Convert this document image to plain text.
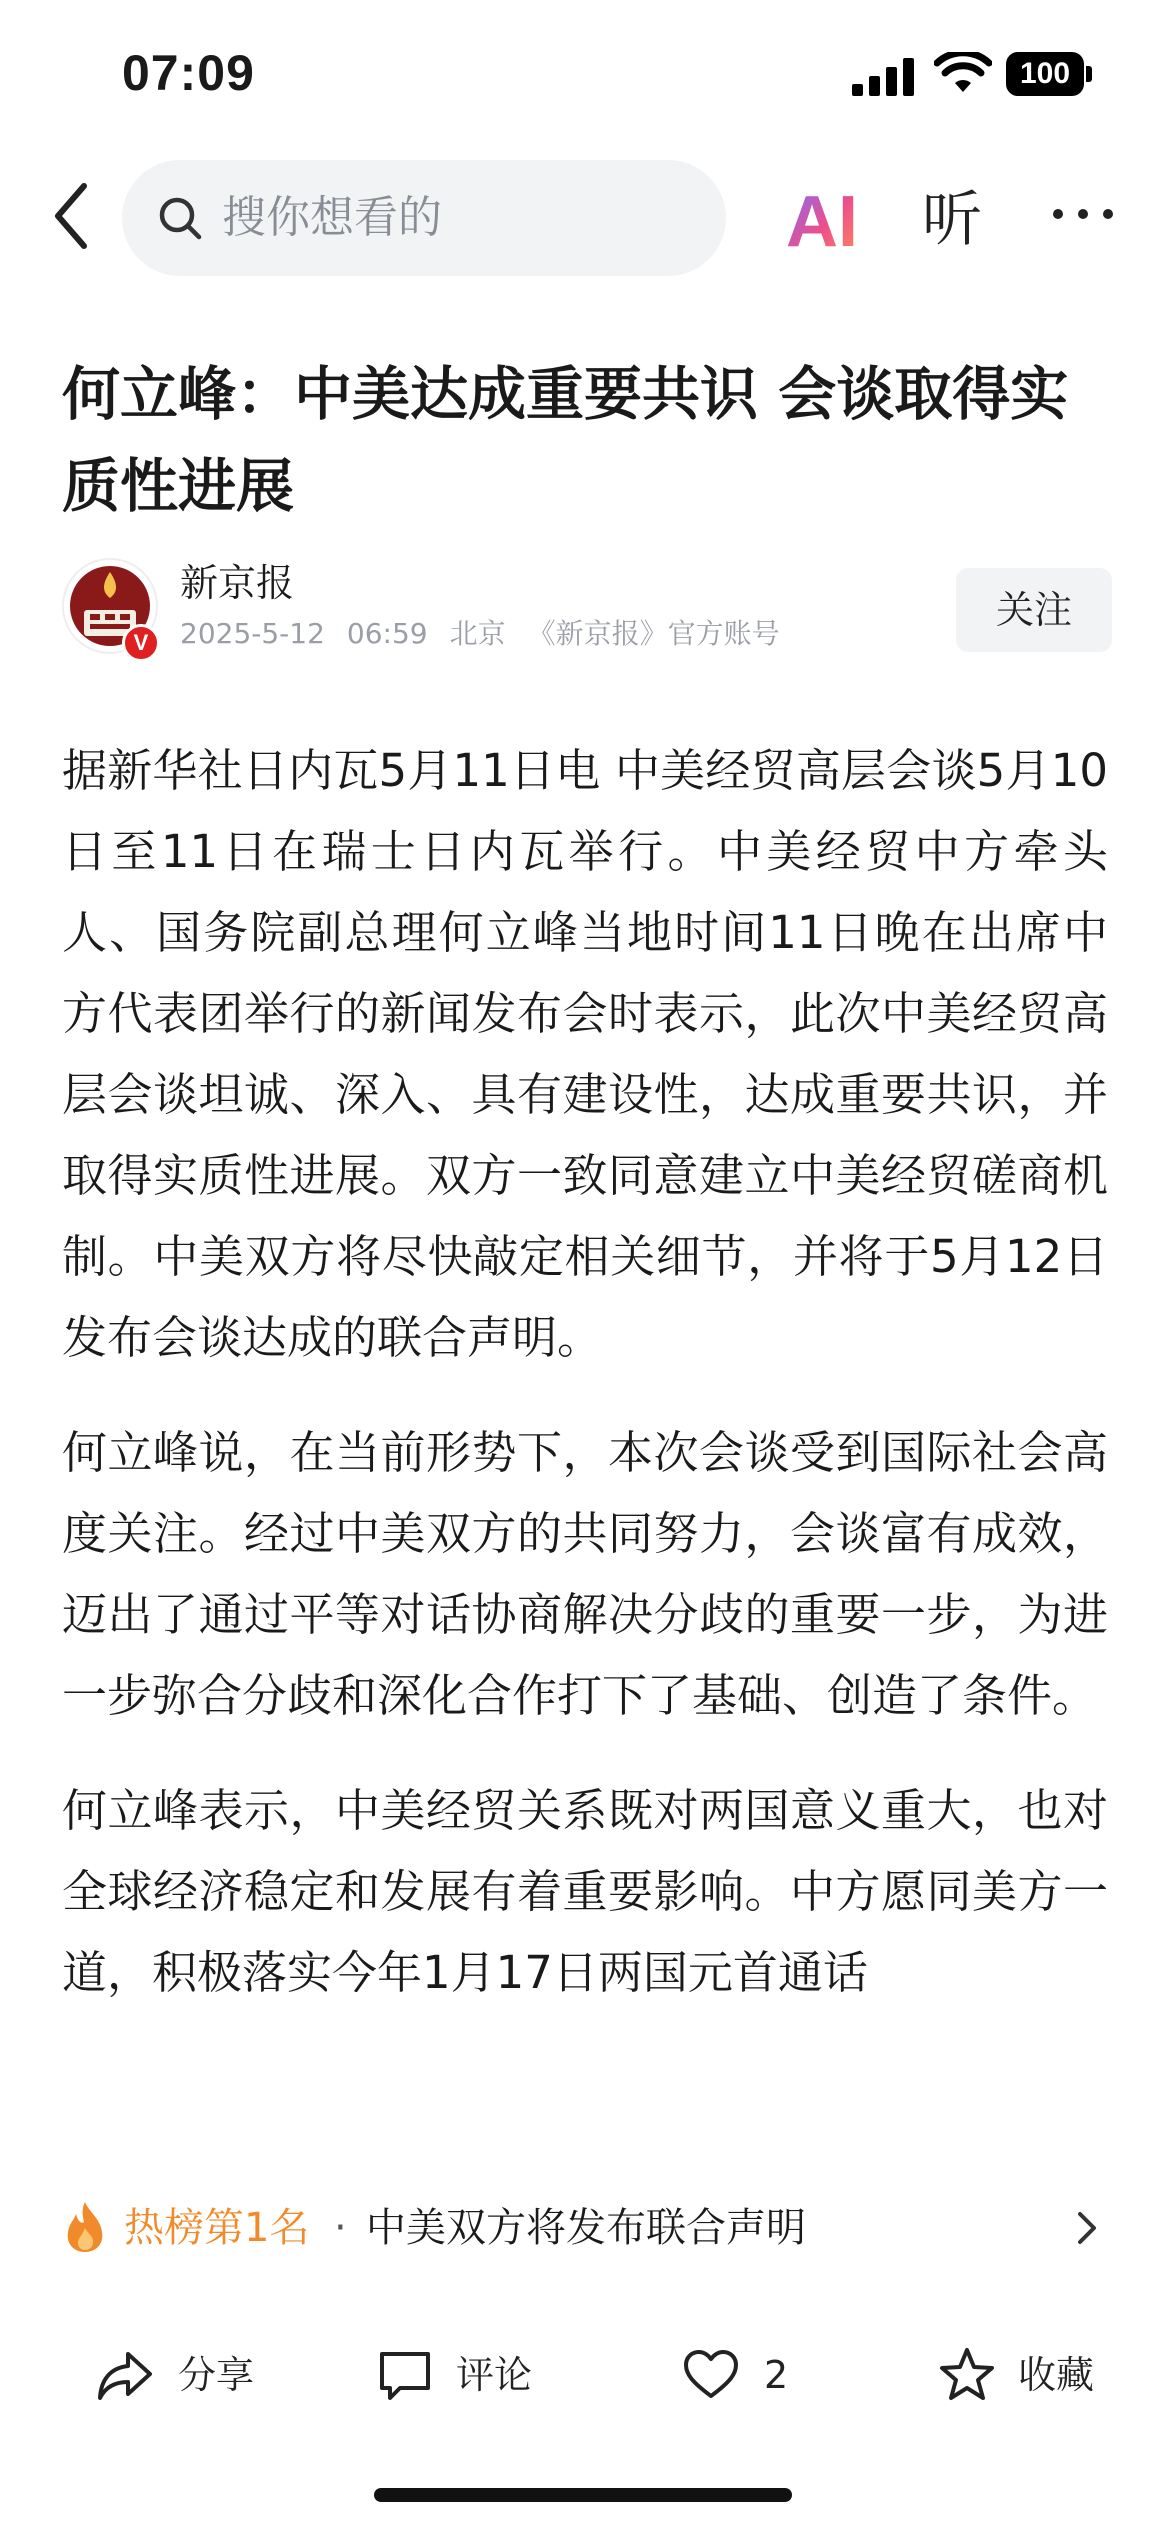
07:09	100
搜你想看的	AI 听
何立峰：中美达成重要共识 会谈取得实质性进展
V
新京报
2025-5-12 06:59 北京 《新京报》官方账号
关注

据新华社日内瓦5月11日电 中美经贸高层会谈5月10日至11日在瑞士日内瓦举行。中美经贸中方牵头人、国务院副总理何立峰当地时间11日晚在出席中方代表团举行的新闻发布会时表示，此次中美经贸高层会谈坦诚、深入、具有建设性，达成重要共识，并取得实质性进展。双方一致同意建立中美经贸磋商机制。中美双方将尽快敲定相关细节，并将于5月12日发布会谈达成的联合声明。

何立峰说，在当前形势下，本次会谈受到国际社会高度关注。经过中美双方的共同努力，会谈富有成效，迈出了通过平等对话协商解决分歧的重要一步，为进一步弥合分歧和深化合作打下了基础、创造了条件。

何立峰表示，中美经贸关系既对两国意义重大，也对全球经济稳定和发展有着重要影响。中方愿同美方一道，积极落实今年1月17日两国元首通话

热榜第1名 · 中美双方将发布联合声明
分享	评论	2	收藏
